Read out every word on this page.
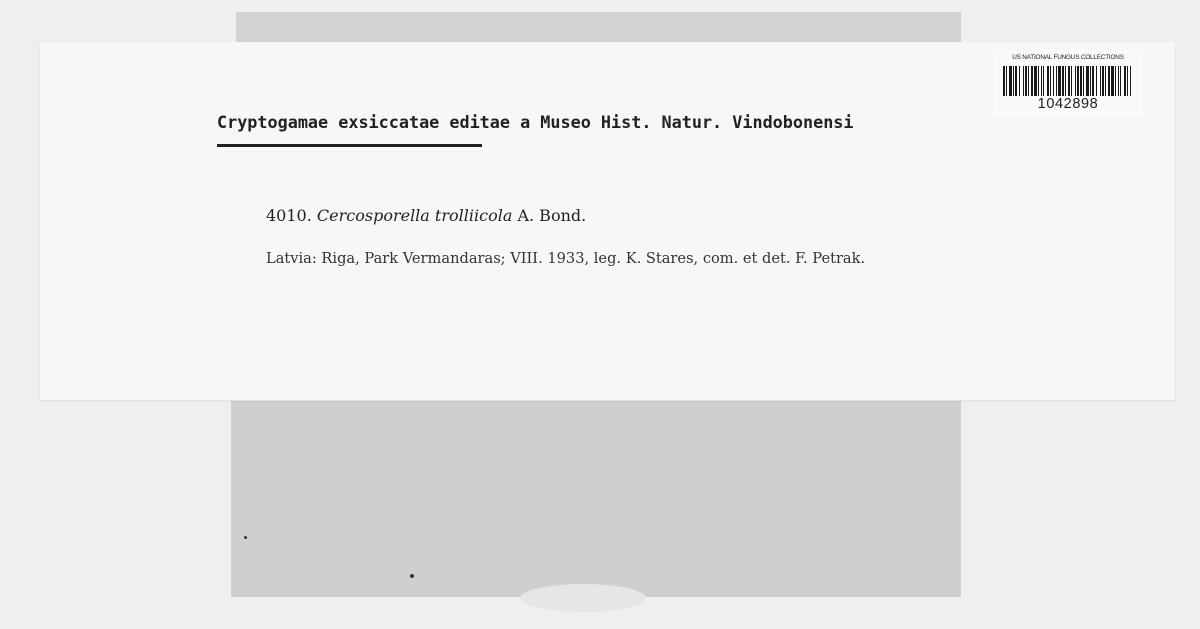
Cryptogamae exsiccatae editae a Museo Hist. Natur. Vindobonensi
4010. Cercosporella trolliicola A. Bond.
Latvia: Riga, Park Vermandaras; VIII. 1933, leg. K. Stares, com. et det. F. Petrak.
US NATIONAL FUNGUS COLLECTIONS
1042898
